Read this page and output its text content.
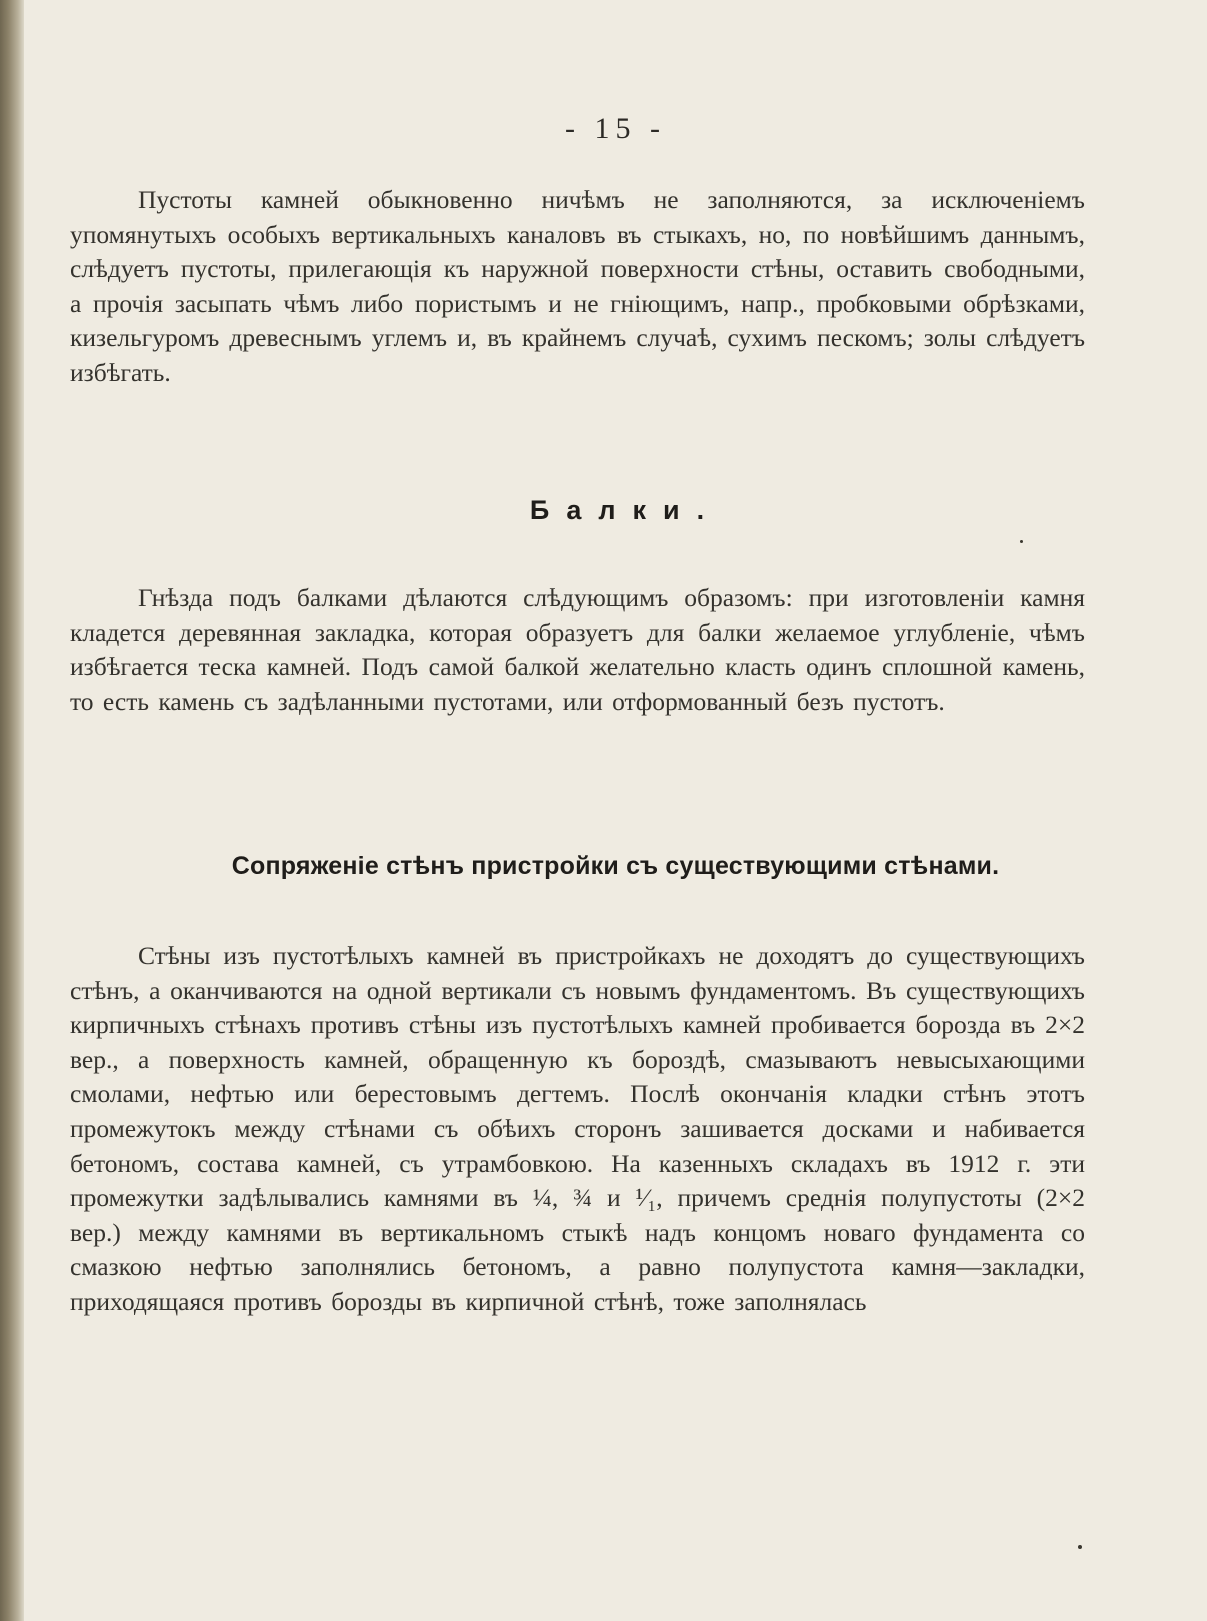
- 15 -

Пустоты камней обыкновенно ничѣмъ не заполняются, за исключеніемъ упомянутыхъ особыхъ вертикальныхъ каналовъ въ стыкахъ, но, по новѣйшимъ даннымъ, слѣдуетъ пустоты, прилегающія къ наружной поверхности стѣны, оставить свободными, а прочія засыпать чѣмъ либо пористымъ и не гніющимъ, напр., пробковыми обрѣзками, кизельгуромъ древеснымъ углемъ и, въ крайнемъ случаѣ, сухимъ пескомъ; золы слѣдуетъ избѣгать.

Балки.

Гнѣзда подъ балками дѣлаются слѣдующимъ образомъ: при изготовленіи камня кладется деревянная закладка, которая образуетъ для балки желаемое углубленіе, чѣмъ избѣгается теска камней. Подъ самой балкой желательно класть одинъ сплошной камень, то есть камень съ задѣланными пустотами, или отформованный безъ пустотъ.

Сопряженіе стѣнъ пристройки съ существующими стѣнами.

Стѣны изъ пустотѣлыхъ камней въ пристройкахъ не доходятъ до существующихъ стѣнъ, а оканчиваются на одной вертикали съ новымъ фундаментомъ. Въ существующихъ кирпичныхъ стѣнахъ противъ стѣны изъ пустотѣлыхъ камней пробивается борозда въ 2×2 вер., а поверхность камней, обращенную къ бороздѣ, смазываютъ невысыхающими смолами, нефтью или берестовымъ дегтемъ. Послѣ окончанія кладки стѣнъ этотъ промежутокъ между стѣнами съ обѣихъ сторонъ зашивается досками и набивается бетономъ, состава камней, съ утрамбовкою. На казенныхъ складахъ въ 1912 г. эти промежутки задѣлывались камнями въ ¼, ¾ и ¹⁄₁, причемъ среднія полупустоты (2×2 вер.) между камнями въ вертикальномъ стыкѣ надъ концомъ новаго фундамента со смазкою нефтью заполнялись бетономъ, а равно полупустота камня—закладки, приходящаяся противъ борозды въ кирпичной стѣнѣ, тоже заполнялась
